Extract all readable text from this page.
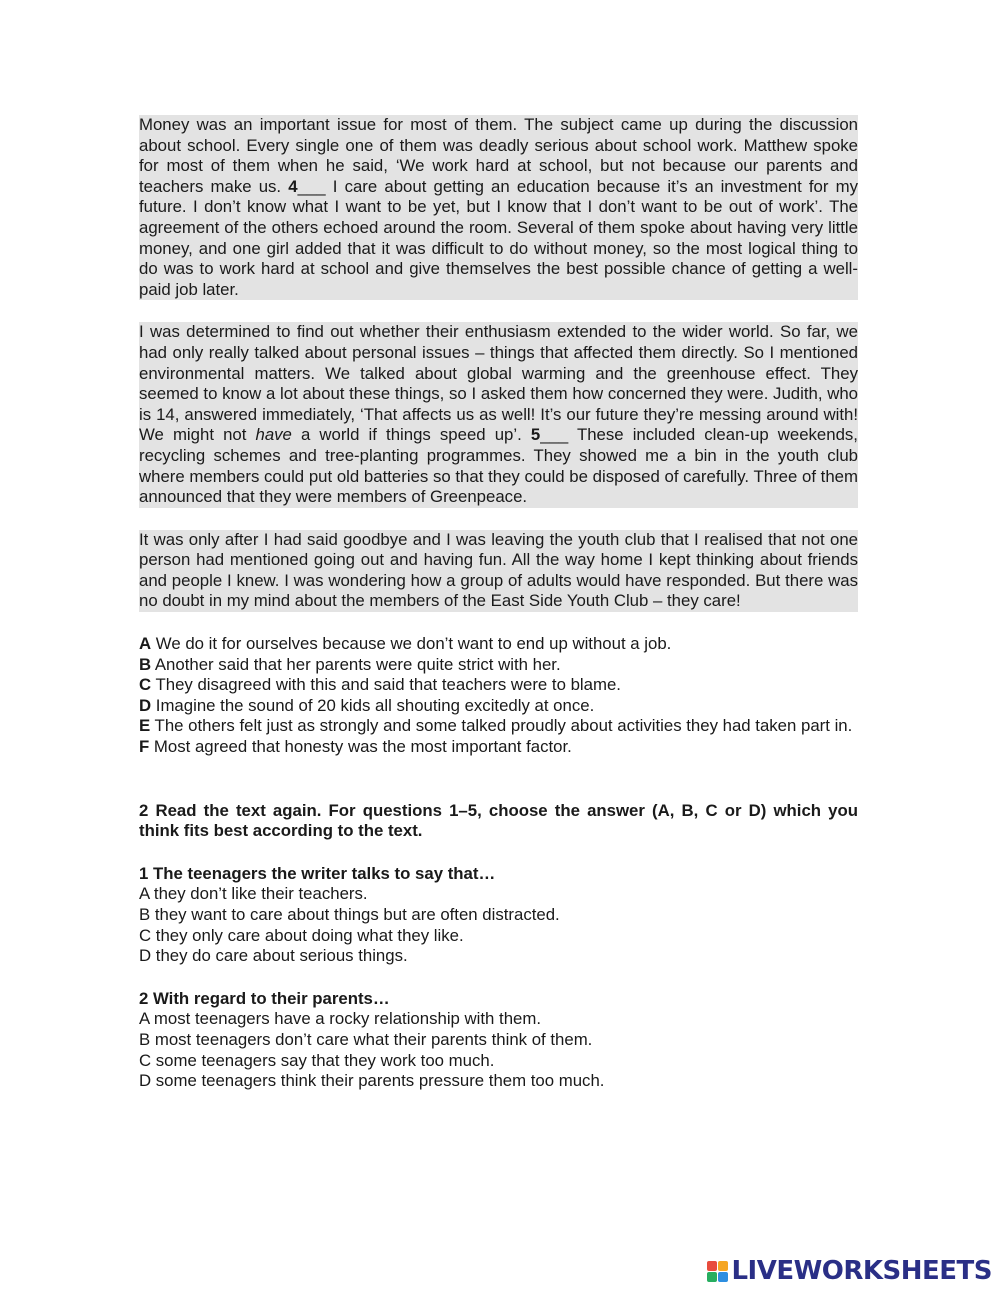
Money was an important issue for most of them. The subject came up during the discussion about school. Every single one of them was deadly serious about school work. Matthew spoke for most of them when he said, ‘We work hard at school, but not because our parents and teachers make us. 4___ I care about getting an education because it’s an investment for my future. I don’t know what I want to be yet, but I know that I don’t want to be out of work’. The agreement of the others echoed around the room. Several of them spoke about having very little money, and one girl added that it was difficult to do without money, so the most logical thing to do was to work hard at school and give themselves the best possible chance of getting a well-paid job later.

I was determined to find out whether their enthusiasm extended to the wider world. So far, we had only really talked about personal issues – things that affected them directly. So I mentioned environmental matters. We talked about global warming and the greenhouse effect. They seemed to know a lot about these things, so I asked them how concerned they were. Judith, who is 14, answered immediately, ‘That affects us as well! It’s our future they’re messing around with! We might not have a world if things speed up’. 5___ These included clean-up weekends, recycling schemes and tree-planting programmes. They showed me a bin in the youth club where members could put old batteries so that they could be disposed of carefully. Three of them announced that they were members of Greenpeace.

It was only after I had said goodbye and I was leaving the youth club that I realised that not one person had mentioned going out and having fun. All the way home I kept thinking about friends and people I knew. I was wondering how a group of adults would have responded. But there was no doubt in my mind about the members of the East Side Youth Club – they care!

A We do it for ourselves because we don’t want to end up without a job.

B Another said that her parents were quite strict with her.

C They disagreed with this and said that teachers were to blame.

D Imagine the sound of 20 kids all shouting excitedly at once.

E The others felt just as strongly and some talked proudly about activities they had taken part in.

F Most agreed that honesty was the most important factor.

2 Read the text again. For questions 1–5, choose the answer (A, B, C or D) which you think fits best according to the text.
1 The teenagers the writer talks to say that…
A they don’t like their teachers.
B they want to care about things but are often distracted.
C they only care about doing what they like.
D they do care about serious things.
2 With regard to their parents…
A most teenagers have a rocky relationship with them.
B most teenagers don’t care what their parents think of them.
C some teenagers say that they work too much.
D some teenagers think their parents pressure them too much.
LIVEWORKSHEETS
